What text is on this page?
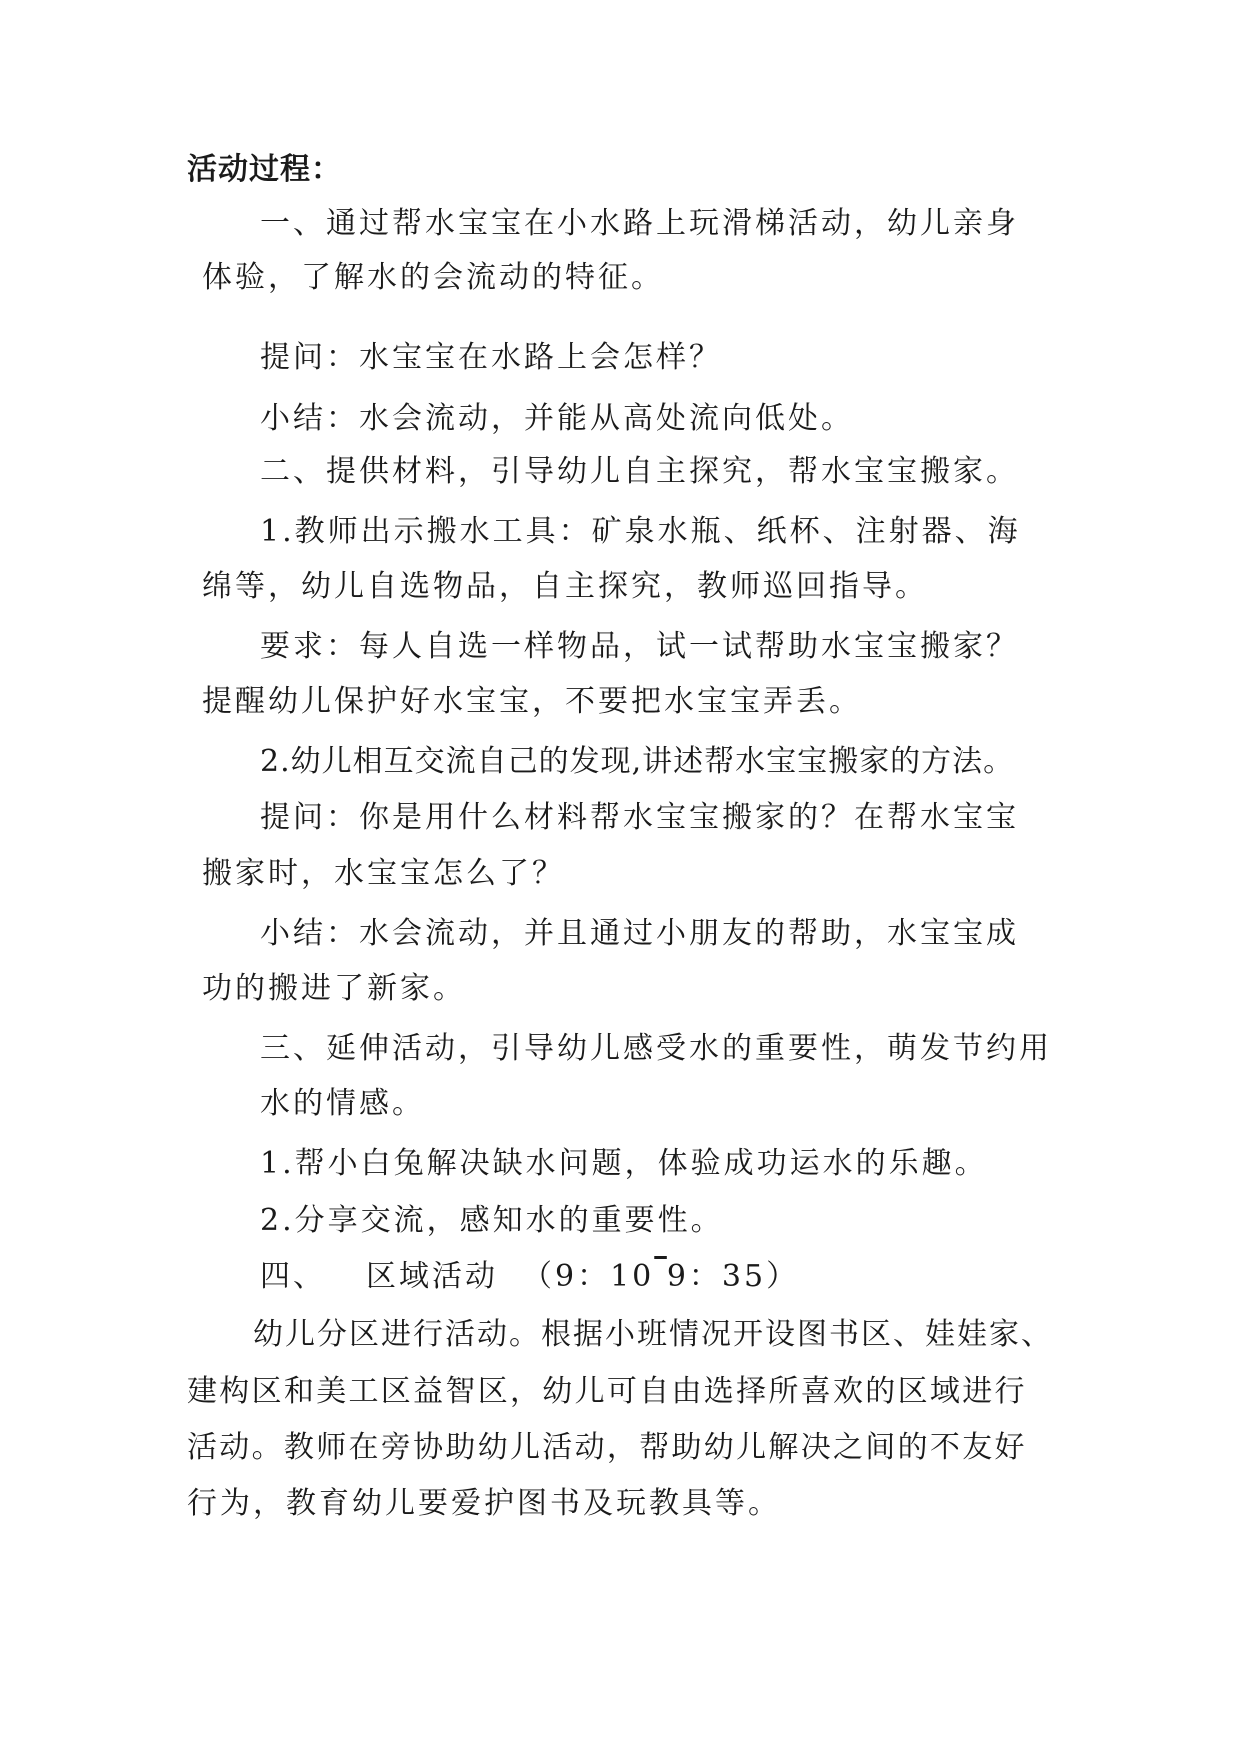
活动过程：
一、通过帮水宝宝在小水路上玩滑梯活动，幼儿亲身
体验，了解水的会流动的特征。
提问：水宝宝在水路上会怎样？
小结：水会流动，并能从高处流向低处。
二、提供材料，引导幼儿自主探究，帮水宝宝搬家。
1.教师出示搬水工具：矿泉水瓶、纸杯、注射器、海
绵等，幼儿自选物品，自主探究，教师巡回指导。
要求：每人自选一样物品，试一试帮助水宝宝搬家？
提醒幼儿保护好水宝宝，不要把水宝宝弄丢。
2.幼儿相互交流自己的发现,讲述帮水宝宝搬家的方法。
提问：你是用什么材料帮水宝宝搬家的？在帮水宝宝
搬家时，水宝宝怎么了？
小结：水会流动，并且通过小朋友的帮助，水宝宝成
功的搬进了新家。
三、延伸活动，引导幼儿感受水的重要性，萌发节约用
水的情感。
1.帮小白兔解决缺水问题，体验成功运水的乐趣。
2.分享交流，感知水的重要性。
四、 区域活动 （9：10 9：35）
幼儿分区进行活动。根据小班情况开设图书区、娃娃家、
建构区和美工区益智区，幼儿可自由选择所喜欢的区域进行
活动。教师在旁协助幼儿活动，帮助幼儿解决之间的不友好
行为，教育幼儿要爱护图书及玩教具等。
